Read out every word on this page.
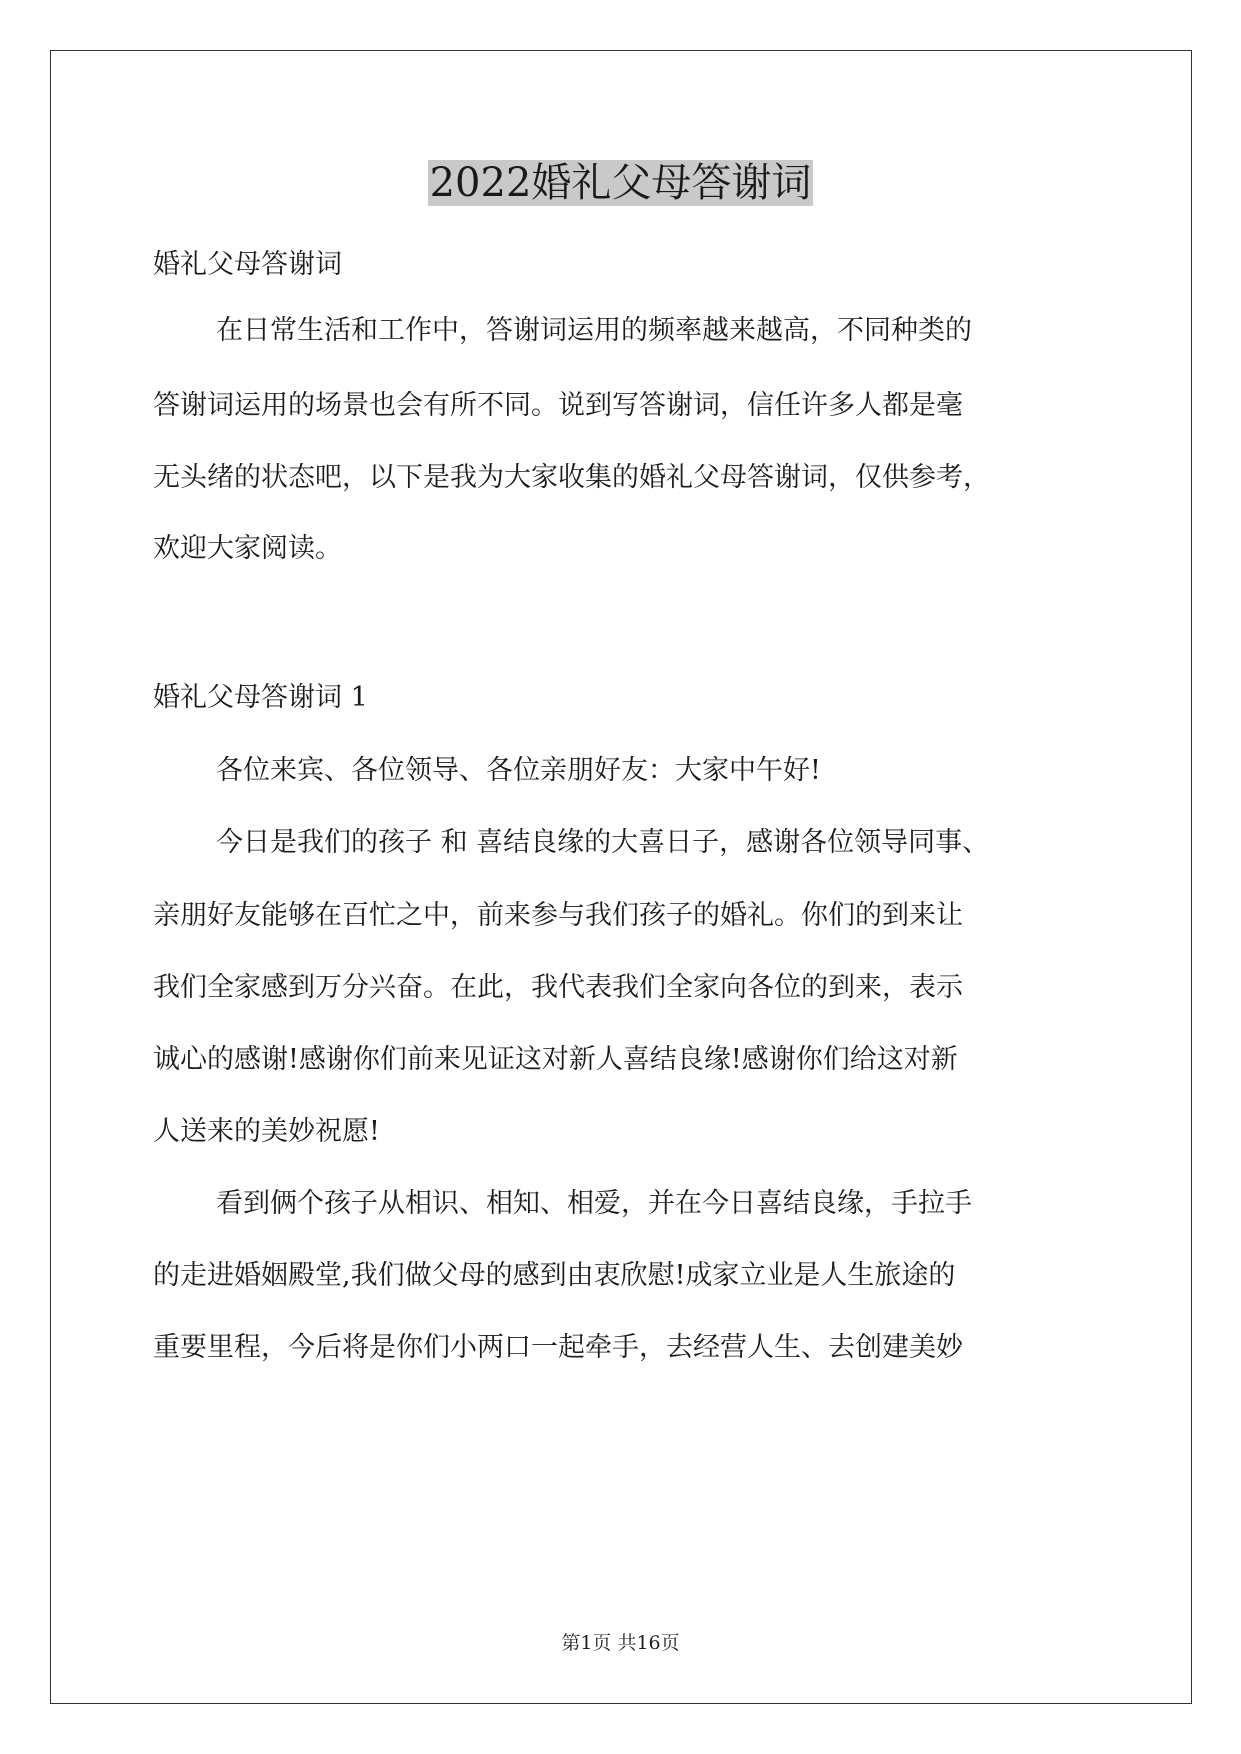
2022婚礼父母答谢词

婚礼父母答谢词

在日常生活和工作中，答谢词运用的频率越来越高，不同种类的

答谢词运用的场景也会有所不同。说到写答谢词，信任许多人都是毫

无头绪的状态吧，以下是我为大家收集的婚礼父母答谢词，仅供参考，

欢迎大家阅读。

婚礼父母答谢词 1

各位来宾、各位领导、各位亲朋好友：大家中午好!

今日是我们的孩子 和 喜结良缘的大喜日子，感谢各位领导同事、

亲朋好友能够在百忙之中，前来参与我们孩子的婚礼。你们的到来让

我们全家感到万分兴奋。在此，我代表我们全家向各位的到来，表示

诚心的感谢!感谢你们前来见证这对新人喜结良缘!感谢你们给这对新

人送来的美妙祝愿!

看到俩个孩子从相识、相知、相爱，并在今日喜结良缘，手拉手

的走进婚姻殿堂,我们做父母的感到由衷欣慰!成家立业是人生旅途的

重要里程，今后将是你们小两口一起牵手，去经营人生、去创建美妙

第1页 共16页
